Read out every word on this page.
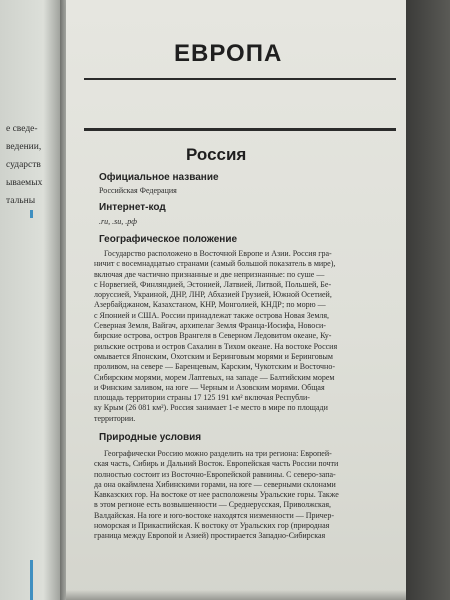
е сведе-
ведении,
сударств
ываемых
тальны
ЕВРОПА
Россия
Официальное название
Российская Федерация
Интернет-код
.ru, .su, .рф
Географическое положение
Государство расположено в Восточной Европе и Азии. Россия гра-
ничит с восемнадцатью странами (самый большой показатель в мире),
включая две частично признанные и две непризнанные: по суше —
с Норвегией, Финляндией, Эстонией, Латвией, Литвой, Польшей, Бе-
лоруссией, Украиной, ДНР, ЛНР, Абхазией Грузией, Южной Осетией,
Азербайджаном, Казахстаном, КНР, Монголией, КНДР; по морю —
с Японией и США. России принадлежат также острова Новая Земля,
Северная Земля, Вайгач, архипелаг Земля Франца-Иосифа, Новоси-
бирские острова, остров Врангеля в Северном Ледовитом океане, Ку-
рильские острова и остров Сахалин в Тихом океане. На востоке Россия
омывается Японским, Охотским и Беринговым морями и Беринговым
проливом, на севере — Баренцевым, Карским, Чукотским и Восточно-
Сибирским морями, морем Лаптевых, на западе — Балтийским морем
и Финским заливом, на юге — Черным и Азовским морями. Общая
площадь территории страны 17 125 191 км² включая Республи-
ку Крым (26 081 км²). Россия занимает 1-е место в мире по площади
территории.
Природные условия
Географически Россию можно разделить на три региона: Европей-
ская часть, Сибирь и Дальний Восток. Европейская часть России почти
полностью состоит из Восточно-Европейской равнины. С северо-запа-
да она окаймлена Хибинскими горами, на юге — северными склонами
Кавказских гор. На востоке от нее расположены Уральские горы. Также
в этом регионе есть возвышенности — Среднерусская, Приволжская,
Валдайская. На юге и юго-востоке находятся низменности — Причер-
номорская и Прикаспийская. К востоку от Уральских гор (природная
граница между Европой и Азией) простирается Западно-Сибирская
